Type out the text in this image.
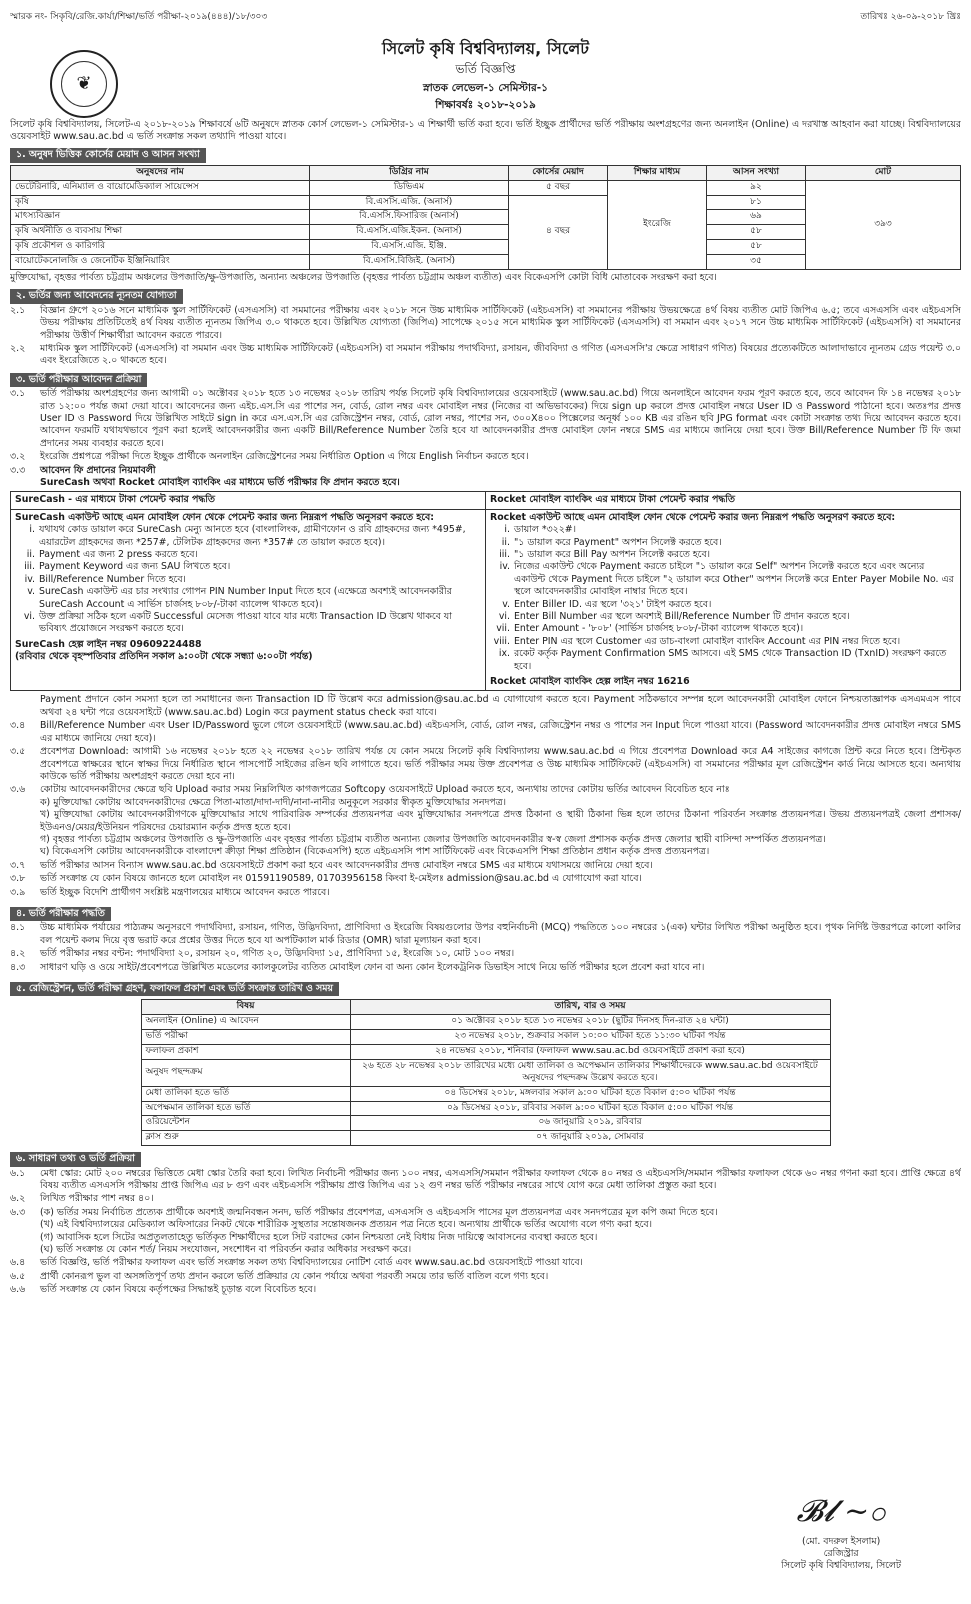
স্মারক নং- সিকৃবি/রেজি.কার্যা/শিক্ষা/ভর্তি পরীক্ষা-২০১৯(৪৪৪)/১৮/৩০৩	তারিখঃ ২৬-০৯-২০১৮ খ্রিঃ
❦
সিলেট কৃষি বিশ্ববিদ্যালয়, সিলেট
ভর্তি বিজ্ঞপ্তি
স্নাতক লেভেল-১ সেমিস্টার-১
শিক্ষাবর্ষঃ ২০১৮-২০১৯

সিলেট কৃষি বিশ্ববিদ্যালয়, সিলেট-এ ২০১৮-২০১৯ শিক্ষাবর্ষে ৬টি অনুষদে স্নাতক কোর্স লেভেল-১ সেমিস্টার-১ এ শিক্ষার্থী ভর্তি করা হবে। ভর্তি ইচ্ছুক প্রার্থীদের ভর্তি পরীক্ষায় অংশগ্রহণের জন্য অনলাইন (Online) এ দরখাস্ত আহবান করা যাচ্ছে। বিশ্ববিদ্যালয়ের ওয়েবসাইট www.sau.ac.bd এ ভর্তি সংক্রান্ত সকল তথ্যাদি পাওয়া যাবে।

১. অনুষদ ভিত্তিক কোর্সের মেয়াদ ও আসন সংখ্যা
অনুষদের নাম	ডিগ্রির নাম	কোর্সের মেয়াদ	শিক্ষার মাধ্যম	আসন সংখ্যা	মোট
ভেটেরিনারি, এনিম্যাল ও বায়োমেডিক্যাল সায়েন্সেস	ডিভিএম	৫ বছর	ইংরেজি	৯২	৩৯৩
কৃষি	বি.এসসি.এজি. (অনার্স)	৪ বছর		৮১	
মাৎস্যবিজ্ঞান	বি.এসসি.ফিসারিজ (অনার্স)			৬৯	
কৃষি অর্থনীতি ও ব্যবসায় শিক্ষা	বি.এসসি.এজি.ইকন. (অনার্স)			৫৮	
কৃষি প্রকৌশল ও কারিগরি	বি.এসসি.এজি. ইঞ্জি.			৫৮	
বায়োটেকনোলজি ও জেনেটিক ইঞ্জিনিয়ারিং	বি.এসসি.বিজিই. (অনার্স)			৩৫	

মুক্তিযোদ্ধা, বৃহত্তর পার্বত্য চট্টগ্রাম অঞ্চলের উপজাতি/ক্ষু-উপজাতি, অন্যান্য অঞ্চলের উপজাতি (বৃহত্তর পার্বত্য চট্টগ্রাম অঞ্চল ব্যতীত) এবং বিকেএসপি কোটা বিধি মোতাবেক সংরক্ষণ করা হবে।

২. ভর্তির জন্য আবেদনের ন্যূনতম যোগ্যতা
২.১	বিজ্ঞান গ্রুপে ২০১৬ সনে মাধ্যমিক স্কুল সার্টিফিকেট (এসএসসি) বা সমমানের পরীক্ষায় এবং ২০১৮ সনে উচ্চ মাধ্যমিক সার্টিফিকেট (এইচএসসি) বা সমমানের পরীক্ষায় উভয়ক্ষেত্রে ৪র্থ বিষয় ব্যতীত মোট জিপিএ ৬.৫; তবে এসএসসি এবং এইচএসসি উভয় পরীক্ষায় প্রতিটিতেই ৪র্থ বিষয় ব্যতীত ন্যূনতম জিপিএ ৩.০ থাকতে হবে। উল্লিখিত যোগ্যতা (জিপিএ) সাপেক্ষে ২০১৫ সনে মাধ্যমিক স্কুল সার্টিফিকেট (এসএসসি) বা সমমান এবং ২০১৭ সনে উচ্চ মাধ্যমিক সার্টিফিকেট (এইচএসসি) বা সমমানের পরীক্ষায় উত্তীর্ণ শিক্ষার্থীরা আবেদন করতে পারবে।
২.২	মাধ্যমিক স্কুল সার্টিফিকেট (এসএসসি) বা সমমান এবং উচ্চ মাধ্যমিক সার্টিফিকেট (এইচএসসি) বা সমমান পরীক্ষায় পদার্থবিদ্যা, রসায়ন, জীববিদ্যা ও গণিত (এসএসসি'র ক্ষেত্রে সাধারণ গণিত) বিষয়ের প্রত্যেকটিতে আলাদাভাবে ন্যূনতম গ্রেড পয়েন্ট ৩.০ এবং ইংরেজিতে ২.০ থাকতে হবে।
৩. ভর্তি পরীক্ষার আবেদন প্রক্রিয়া
৩.১	ভর্তি পরীক্ষায় অংশগ্রহণের জন্য আগামী ০১ অক্টোবর ২০১৮ হতে ১৩ নভেম্বর ২০১৮ তারিখ পর্যন্ত সিলেট কৃষি বিশ্ববিদ্যালয়ের ওয়েবসাইটে (www.sau.ac.bd) গিয়ে অনলাইনে আবেদন ফরম পূরণ করতে হবে, তবে আবেদন ফি ১৪ নভেম্বর ২০১৮ রাত ১২:০০ পর্যন্ত জমা দেয়া যাবে। আবেদনের জন্য এইচ.এস.সি এর পাশের সন, বোর্ড, রোল নম্বর এবং মোবাইল নম্বর (নিজের বা অভিভাবকের) দিয়ে sign up করলে প্রদত্ত মোবাইল নম্বরে User ID ও Password পাঠানো হবে। অতঃপর প্রদত্ত User ID ও Password দিয়ে উল্লিখিত সাইটে sign in করে এস.এস.সি এর রেজিস্ট্রেশন নম্বর, বোর্ড, রোল নম্বর, পাশের সন, ৩০০X৪০০ পিক্সেলের অনূর্ধ্ব ১০০ KB এর রঙিন ছবি JPG format এবং কোটা সংক্রান্ত তথ্য দিয়ে আবেদন করতে হবে। আবেদন ফরমটি যথাযথভাবে পূরণ করা হলেই আবেদনকারীর জন্য একটি Bill/Reference Number তৈরি হবে যা আবেদনকারীর প্রদত্ত মোবাইল ফোন নম্বরে SMS এর মাধ্যমে জানিয়ে দেয়া হবে। উক্ত Bill/Reference Number টি ফি জমা প্রদানের সময় ব্যবহার করতে হবে।
৩.২	ইংরেজি প্রশ্নপত্রে পরীক্ষা দিতে ইচ্ছুক প্রার্থীকে অনলাইন রেজিস্ট্রেশনের সময় নির্ধারিত Option এ গিয়ে English নির্বাচন করতে হবে।
৩.৩	আবেদন ফি প্রদানের নিয়মাবলী

SureCash অথবা Rocket মোবাইল ব্যাংকিং এর মাধ্যমে ভর্তি পরীক্ষার ফি প্রদান করতে হবে।

SureCash - এর মাধ্যমে টাকা পেমেন্ট করার পদ্ধতি

SureCash একাউন্ট আছে এমন মোবাইল ফোন থেকে পেমেন্ট করার জন্য নিম্নরূপ পদ্ধতি অনুসরণ করতে হবে:

i. যথাযথ কোড ডায়াল করে SureCash মেন্যু আনতে হবে (বাংলালিংক, গ্রামীণফোন ও রবি গ্রাহকদের জন্য *495#, এয়ারটেল গ্রাহকদের জন্য *257#, টেলিটক গ্রাহকদের জন্য *357# তে ডায়াল করতে হবে)।
ii. Payment এর জন্য 2 press করতে হবে।
iii. Payment Keyword এর জন্য SAU লিখতে হবে।
iv. Bill/Reference Number দিতে হবে।
v. SureCash একাউন্ট এর চার সংখ্যার গোপন PIN Number Input দিতে হবে (এক্ষেত্রে অবশ্যই আবেদনকারীর SureCash Account এ সার্ভিস চার্জসহ ৮০৮/-টাকা ব্যালেন্স থাকতে হবে)।
vi. উক্ত প্রক্রিয়া সঠিক হলে একটি Successful মেসেজ পাওয়া যাবে যার মধ্যে Transaction ID উল্লেখ থাকবে যা ভবিষ্যৎ প্রয়োজনে সংরক্ষণ করতে হবে।

SureCash হেল্প লাইন নম্বর 09609224488

(রবিবার থেকে বৃহস্পতিবার প্রতিদিন সকাল ৯:০০টা থেকে সন্ধ্যা ৬:০০টা পর্যন্ত)

Rocket মোবাইল ব্যাংকিং এর মাধ্যমে টাকা পেমেন্ট করার পদ্ধতি

Rocket একাউন্ট আছে এমন মোবাইল ফোন থেকে পেমেন্ট করার জন্য নিম্নরূপ পদ্ধতি অনুসরণ করতে হবে:

i. ডায়াল *৩২২#।
ii. "১ ডায়াল করে Payment" অপশন সিলেক্ট করতে হবে।
iii. "১ ডায়াল করে Bill Pay অপশন সিলেক্ট করতে হবে।
iv. নিজের একাউন্ট থেকে Payment করতে চাইলে "১ ডায়াল করে Self" অপশন সিলেক্ট করতে হবে এবং অন্যের একাউন্ট থেকে Payment দিতে চাইলে "২ ডায়াল করে Other" অপশন সিলেক্ট করে Enter Payer Mobile No. এর স্থলে আবেদনকারীর মোবাইল নাম্বার দিতে হবে।
v. Enter Biller ID. এর স্থলে '৩২১' টাইপ করতে হবে।
vi. Enter Bill Number এর স্থলে অবশ্যই Bill/Reference Number টি প্রদান করতে হবে।
vii. Enter Amount - '৮০৮' (সার্ভিস চার্জসহ ৮০৮/-টাকা ব্যালেন্স থাকতে হবে)।
viii. Enter PIN এর স্থলে Customer এর ডাচ-বাংলা মোবাইল ব্যাংকিং Account এর PIN নম্বর দিতে হবে।
ix. রকেট কর্তৃক Payment Confirmation SMS আসবে। এই SMS থেকে Transaction ID (TxnID) সংরক্ষণ করতে হবে।

Rocket মোবাইল ব্যাংকিং হেল্প লাইন নম্বর 16216

Payment প্রদানে কোন সমস্যা হলে তা সমাধানের জন্য Transaction ID টি উল্লেখ করে admission@sau.ac.bd এ যোগাযোগ করতে হবে। Payment সঠিকভাবে সম্পন্ন হলে আবেদনকারী মোবাইল ফোনে নিশ্চয়তাজ্ঞাপক এসএমএস পাবে অথবা ২৪ ঘন্টা পরে ওয়েবসাইটে (www.sau.ac.bd) Login করে payment status check করা যাবে।

৩.৪	Bill/Reference Number এবং User ID/Password ভুলে গেলে ওয়েবসাইটে (www.sau.ac.bd) এইচএসসি, বোর্ড, রোল নম্বর, রেজিস্ট্রেশন নম্বর ও পাশের সন Input দিলে পাওয়া যাবে। (Password আবেদনকারীর প্রদত্ত মোবাইল নম্বরে SMS এর মাধ্যমে জানিয়ে দেয়া হবে)।
৩.৫	প্রবেশপত্র Download: আগামী ১৬ নভেম্বর ২০১৮ হতে ২২ নভেম্বর ২০১৮ তারিখ পর্যন্ত যে কোন সময়ে সিলেট কৃষি বিশ্ববিদ্যালয় www.sau.ac.bd এ গিয়ে প্রবেশপত্র Download করে A4 সাইজের কাগজে প্রিন্ট করে নিতে হবে। প্রিন্টকৃত প্রবেশপত্রে স্বাক্ষরের স্থানে স্বাক্ষর দিয়ে নির্ধারিত স্থানে পাসপোর্ট সাইজের রঙিন ছবি লাগাতে হবে। ভর্তি পরীক্ষার সময় উক্ত প্রবেশপত্র ও উচ্চ মাধ্যমিক সার্টিফিকেট (এইচএসসি) বা সমমানের পরীক্ষার মূল রেজিস্ট্রেশন কার্ড নিয়ে আসতে হবে। অন্যথায় কাউকে ভর্তি পরীক্ষায় অংশগ্রহণ করতে দেয়া হবে না।
৩.৬	কোটায় আবেদনকারীদের ক্ষেত্রে ছবি Upload করার সময় নিম্নলিখিত কাগজপত্রের Softcopy ওয়েবসাইটে Upload করতে হবে, অন্যথায় তাদের কোটায় ভর্তির আবেদন বিবেচিত হবে নাঃ

ক) মুক্তিযোদ্ধা কোটায় আবেদনকারীদের ক্ষেত্রে পিতা-মাতা/দাদা-দাদী/নানা-নানীর অনুকূলে সরকার স্বীকৃত মুক্তিযোদ্ধার সনদপত্র।

খ) মুক্তিযোদ্ধা কোটায় আবেদনকারীগণকে মুক্তিযোদ্ধার সাথে পারিবারিক সম্পর্কের প্রত্যয়নপত্র এবং মুক্তিযোদ্ধার সনদপত্রে প্রদত্ত ঠিকানা ও স্থায়ী ঠিকানা ভিন্ন হলে তাদের ঠিকানা পরিবর্তন সংক্রান্ত প্রত্যয়নপত্র। উভয় প্রত্যয়নপত্রই জেলা প্রশাসক/ইউএনও/মেয়র/ইউনিয়ন পরিষদের চেয়ারম্যান কর্তৃক প্রদত্ত হতে হবে।

গ) বৃহত্তর পার্বত্য চট্টগ্রাম অঞ্চলের উপজাতি ও ক্ষু-উপজাতি এবং বৃহত্তর পার্বত্য চট্টগ্রাম ব্যতীত অন্যান্য জেলার উপজাতি আবেদনকারীর স্ব-স্ব জেলা প্রশাসক কর্তৃক প্রদত্ত জেলার স্থায়ী বাসিন্দা সম্পর্কিত প্রত্যয়নপত্র।

ঘ) বিকেএসপি কোটায় আবেদনকারীকে বাংলাদেশ ক্রীড়া শিক্ষা প্রতিষ্ঠান (বিকেএসপি) হতে এইচএসসি পাশ সার্টিফিকেট এবং বিকেএসপি শিক্ষা প্রতিষ্ঠান প্রধান কর্তৃক প্রদত্ত প্রত্যয়নপত্র।

৩.৭	ভর্তি পরীক্ষার আসন বিন্যাস www.sau.ac.bd ওয়েবসাইটে প্রকাশ করা হবে এবং আবেদনকারীর প্রদত্ত মোবাইল নম্বরে SMS এর মাধ্যমে যথাসময়ে জানিয়ে দেয়া হবে।
৩.৮	ভর্তি সংক্রান্ত যে কোন বিষয়ে জানতে হলে মোবাইল নং 01591190589, 01703956158 কিংবা ই-মেইলঃ admission@sau.ac.bd এ যোগাযোগ করা যাবে।
৩.৯	ভর্তি ইচ্ছুক বিদেশি প্রার্থীগণ সংশ্লিষ্ট মন্ত্রণালয়ের মাধ্যমে আবেদন করতে পারবে।
৪. ভর্তি পরীক্ষার পদ্ধতি
৪.১	উচ্চ মাধ্যমিক পর্যায়ের পাঠ্যক্রম অনুসরণে পদার্থবিদ্যা, রসায়ন, গণিত, উদ্ভিদবিদ্যা, প্রাণিবিদ্যা ও ইংরেজি বিষয়গুলোর উপর বহুনির্বাচনী (MCQ) পদ্ধতিতে ১০০ নম্বরের ১(এক) ঘন্টার লিখিত পরীক্ষা অনুষ্ঠিত হবে। পৃথক নির্দিষ্ট উত্তরপত্রে কালো কালির বল পয়েন্ট কলম দিয়ে বৃত্ত ভরাট করে প্রশ্নের উত্তর দিতে হবে যা অপটিক্যাল মার্ক রিডার (OMR) দ্বারা মূল্যায়ন করা হবে।
৪.২	ভর্তি পরীক্ষার নম্বর বণ্টন: পদার্থবিদ্যা ২০, রসায়ন ২০, গণিত ২০, উদ্ভিদবিদ্যা ১৫, প্রাণিবিদ্যা ১৫, ইংরেজি ১০, মোট ১০০ নম্বর।
৪.৩	সাধারণ ঘড়ি ও ওয়ে সাইট/প্রবেশপত্রে উল্লিখিত মডেলের ক্যালকুলেটর ব্যতিত মোবাইল ফোন বা অন্য কোন ইলেকট্রনিক ডিভাইস সাথে নিয়ে ভর্তি পরীক্ষার হলে প্রবেশ করা যাবে না।
৫. রেজিস্ট্রেশন, ভর্তি পরীক্ষা গ্রহণ, ফলাফল প্রকাশ এবং ভর্তি সংক্রান্ত তারিখ ও সময়
বিষয়	তারিখ, বার ও সময়
অনলাইন (Online) এ আবেদন	০১ অক্টোবর ২০১৮ হতে ১৩ নভেম্বর ২০১৮ (ছুটির দিনসহ দিন-রাত ২৪ ঘন্টা)
ভর্তি পরীক্ষা	২৩ নভেম্বর ২০১৮, শুক্রবার সকাল ১০:০০ ঘটিকা হতে ১১:৩০ ঘটিকা পর্যন্ত
ফলাফল প্রকাশ	২৪ নভেম্বর ২০১৮, শনিবার (ফলাফল www.sau.ac.bd ওয়েবসাইটে প্রকাশ করা হবে)
অনুষদ পছন্দক্রম	২৬ হতে ২৮ নভেম্বর ২০১৮ তারিখের মধ্যে মেধা তালিকা ও অপেক্ষমান তালিকার শিক্ষার্থীদেরকে www.sau.ac.bd ওয়েবসাইটে অনুষদের পছন্দক্রম উল্লেখ করতে হবে।
মেধা তালিকা হতে ভর্তি	০৪ ডিসেম্বর ২০১৮, মঙ্গলবার সকাল ৯:০০ ঘটিকা হতে বিকাল ৫:০০ ঘটিকা পর্যন্ত
অপেক্ষমান তালিকা হতে ভর্তি	০৯ ডিসেম্বর ২০১৮, রবিবার সকাল ৯:০০ ঘটিকা হতে বিকাল ৫:০০ ঘটিকা পর্যন্ত
ওরিয়েন্টেশন	০৬ জানুয়ারি ২০১৯, রবিবার
ক্লাস শুরু	০৭ জানুয়ারি ২০১৯, সোমবার
৬. সাধারণ তথ্য ও ভর্তি প্রক্রিয়া
৬.১	মেধা স্কোর: মোট ২০০ নম্বরের ভিত্তিতে মেধা স্কোর তৈরি করা হবে। লিখিত নির্বাচনী পরীক্ষার জন্য ১০০ নম্বর, এসএসসি/সমমান পরীক্ষার ফলাফল থেকে ৪০ নম্বর ও এইচএসসি/সমমান পরীক্ষার ফলাফল থেকে ৬০ নম্বর গণনা করা হবে। প্রাপ্তি ক্ষেত্রে ৪র্থ বিষয় ব্যতীত এসএসসি পরীক্ষায় প্রাপ্ত জিপিএ এর ৮ গুণ এবং এইচএসসি পরীক্ষায় প্রাপ্ত জিপিএ এর ১২ গুণ নম্বর ভর্তি পরীক্ষার নম্বরের সাথে যোগ করে মেধা তালিকা প্রস্তুত করা হবে।
৬.২	লিখিত পরীক্ষার পাশ নম্বর ৪০।
৬.৩	(ক) ভর্তির সময় নির্বাচিত প্রত্যেক প্রার্থীকে অবশ্যই জন্মনিবন্ধন সনদ, ভর্তি পরীক্ষার প্রবেশপত্র, এসএসসি ও এইচএসসি পাসের মূল প্রত্যয়নপত্র এবং সনদপত্রের মূল কপি জমা দিতে হবে।

(খ) এই বিশ্ববিদ্যালয়ের মেডিক্যাল অফিসারের নিকট থেকে শারীরিক সুস্থতার সন্তোষজনক প্রত্যয়ন পত্র নিতে হবে। অন্যথায় প্রার্থীকে ভর্তির অযোগ্য বলে গণ্য করা হবে।

(গ) আবাসিক হলে সিটের অপ্রতুলতাহেতু ভর্তিকৃত শিক্ষার্থীদের হলে সিট বরাদ্দের কোন নিশ্চয়তা নেই বিধায় নিজ দায়িত্বে আবাসনের ব্যবস্থা করতে হবে।

(ঘ) ভর্তি সংক্রান্ত যে কোন শর্ত/ নিয়ম সংযোজন, সংশোধন বা পরিবর্তন করার অধিকার সংরক্ষণ করে।

৬.৪	ভর্তি বিজ্ঞপ্তি, ভর্তি পরীক্ষার ফলাফল এবং ভর্তি সংক্রান্ত সকল তথ্য বিশ্ববিদ্যালয়ের নোটিশ বোর্ড এবং www.sau.ac.bd ওয়েবসাইটে পাওয়া যাবে।
৬.৫	প্রার্থী কোনরূপ ভুল বা অসঙ্গতিপূর্ণ তথ্য প্রদান করলে ভর্তি প্রক্রিয়ার যে কোন পর্যায়ে অথবা পরবর্তী সময়ে তার ভর্তি বাতিল বলে গণ্য হবে।
৬.৬	ভর্তি সংক্রান্ত যে কোন বিষয়ে কর্তৃপক্ষের সিদ্ধান্তই চূড়ান্ত বলে বিবেচিত হবে।
𝓑𝓵 ~⚬
(মো. বদরুল ইসলাম)
রেজিস্ট্রার
সিলেট কৃষি বিশ্ববিদ্যালয়, সিলেট
